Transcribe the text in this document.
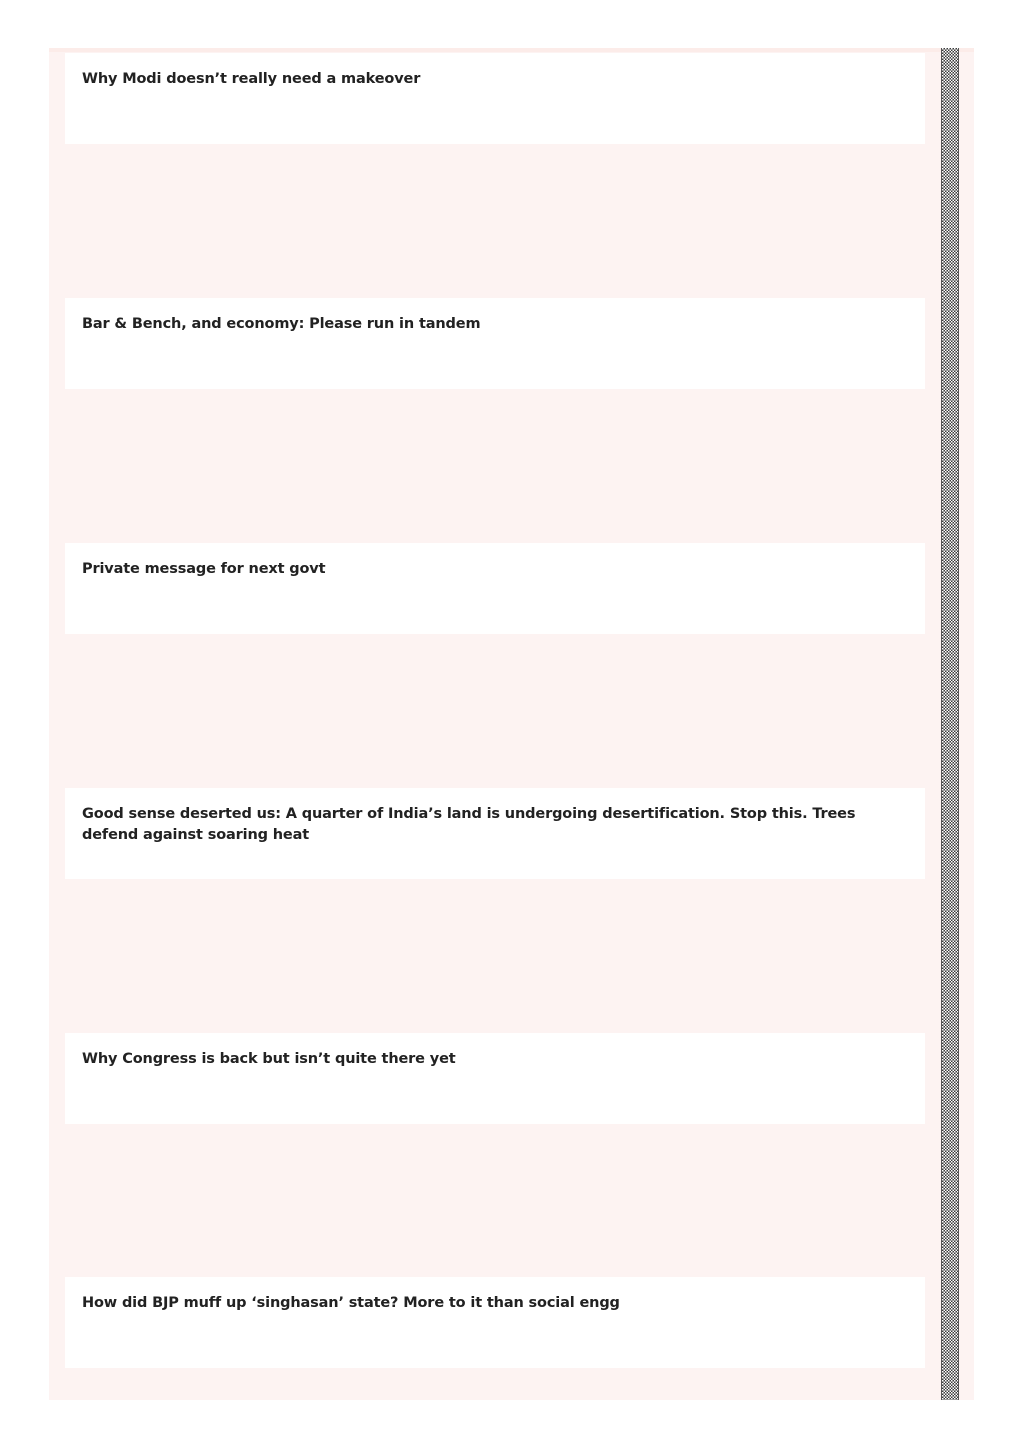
Why Modi doesn’t really need a makeover

Bar & Bench, and economy: Please run in tandem

Private message for next govt

Good sense deserted us: A quarter of India’s land is undergoing desertification. Stop this. Trees defend against soaring heat

Why Congress is back but isn’t quite there yet

How did BJP muff up ‘singhasan’ state? More to it than social engg
